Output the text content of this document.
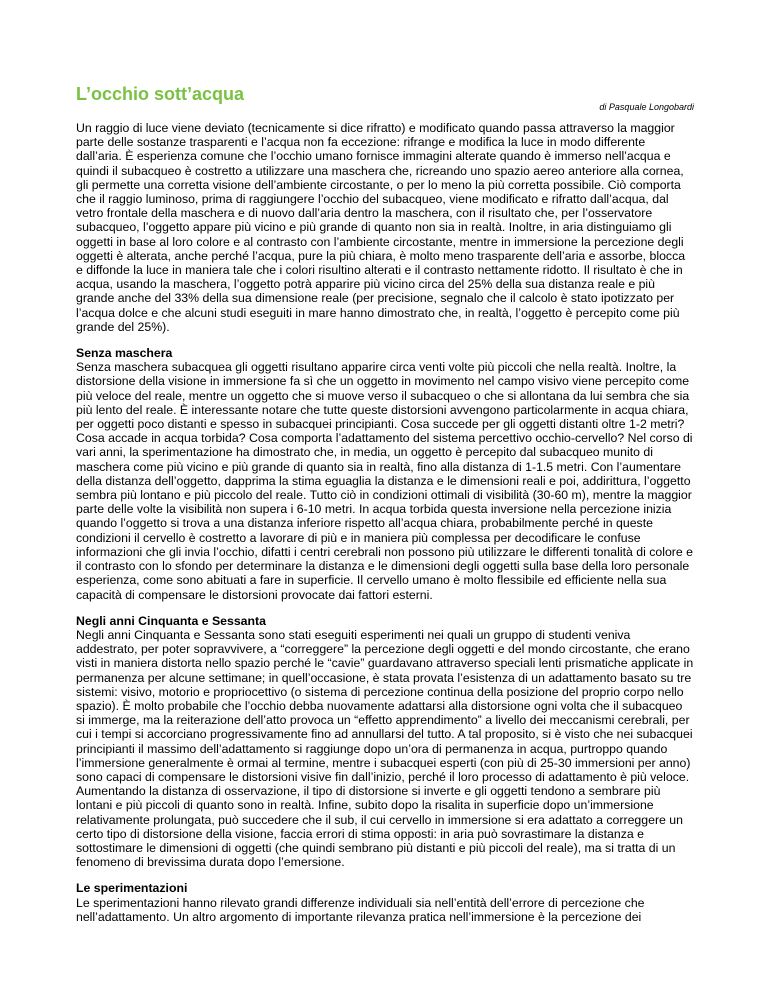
L’occhio sott’acqua
di Pasquale Longobardi

Un raggio di luce viene deviato (tecnicamente si dice rifratto) e modificato quando passa attraverso la maggior parte delle sostanze trasparenti e l’acqua non fa eccezione: rifrange e modifica la luce in modo differente dall’aria. È esperienza comune che l’occhio umano fornisce immagini alterate quando è immerso nell’acqua e quindi il subacqueo è costretto a utilizzare una maschera che, ricreando uno spazio aereo anteriore alla cornea, gli permette una corretta visione dell’ambiente circostante, o per lo meno la più corretta possibile. Ciò comporta che il raggio luminoso, prima di raggiungere l’occhio del subacqueo, viene modificato e rifratto dall’acqua, dal vetro frontale della maschera e di nuovo dall’aria dentro la maschera, con il risultato che, per l’osservatore subacqueo, l’oggetto appare più vicino e più grande di quanto non sia in realtà. Inoltre, in aria distinguiamo gli oggetti in base al loro colore e al contrasto con l’ambiente circostante, mentre in immersione la percezione degli oggetti è alterata, anche perché l’acqua, pure la più chiara, è molto meno trasparente dell’aria e assorbe, blocca e diffonde la luce in maniera tale che i colori risultino alterati e il contrasto nettamente ridotto. Il risultato è che in acqua, usando la maschera, l’oggetto potrà apparire più vicino circa del 25% della sua distanza reale e più grande anche del 33% della sua dimensione reale (per precisione, segnalo che il calcolo è stato ipotizzato per l’acqua dolce e che alcuni studi eseguiti in mare hanno dimostrato che, in realtà, l’oggetto è percepito come più grande del 25%).

Senza maschera

Senza maschera subacquea gli oggetti risultano apparire circa venti volte più piccoli che nella realtà. Inoltre, la distorsione della visione in immersione fa sì che un oggetto in movimento nel campo visivo viene percepito come più veloce del reale, mentre un oggetto che si muove verso il subacqueo o che si allontana da lui sembra che sia più lento del reale. È interessante notare che tutte queste distorsioni avvengono particolarmente in acqua chiara, per oggetti poco distanti e spesso in subacquei principianti. Cosa succede per gli oggetti distanti oltre 1-2 metri? Cosa accade in acqua torbida? Cosa comporta l’adattamento del sistema percettivo occhio-cervello? Nel corso di vari anni, la sperimentazione ha dimostrato che, in media, un oggetto è percepito dal subacqueo munito di maschera come più vicino e più grande di quanto sia in realtà, fino alla distanza di 1-1.5 metri. Con l’aumentare della distanza dell’oggetto, dapprima la stima eguaglia la distanza e le dimensioni reali e poi, addirittura, l’oggetto sembra più lontano e più piccolo del reale. Tutto ciò in condizioni ottimali di visibilità (30-60 m), mentre la maggior parte delle volte la visibilità non supera i 6-10 metri. In acqua torbida questa inversione nella percezione inizia quando l’oggetto si trova a una distanza inferiore rispetto all’acqua chiara, probabilmente perché in queste condizioni il cervello è costretto a lavorare di più e in maniera più complessa per decodificare le confuse informazioni che gli invia l’occhio, difatti i centri cerebrali non possono più utilizzare le differenti tonalità di colore e il contrasto con lo sfondo per determinare la distanza e le dimensioni degli oggetti sulla base della loro personale esperienza, come sono abituati a fare in superficie. Il cervello umano è molto flessibile ed efficiente nella sua capacità di compensare le distorsioni provocate dai fattori esterni.

Negli anni Cinquanta e Sessanta

Negli anni Cinquanta e Sessanta sono stati eseguiti esperimenti nei quali un gruppo di studenti veniva addestrato, per poter sopravvivere, a “correggere” la percezione degli oggetti e del mondo circostante, che erano visti in maniera distorta nello spazio perché le “cavie” guardavano attraverso speciali lenti prismatiche applicate in permanenza per alcune settimane; in quell’occasione, è stata provata l’esistenza di un adattamento basato su tre sistemi: visivo, motorio e propriocettivo (o sistema di percezione continua della posizione del proprio corpo nello spazio). È molto probabile che l’occhio debba nuovamente adattarsi alla distorsione ogni volta che il subacqueo si immerge, ma la reiterazione dell’atto provoca un “effetto apprendimento” a livello dei meccanismi cerebrali, per cui i tempi si accorciano progressivamente fino ad annullarsi del tutto. A tal proposito, si è visto che nei subacquei principianti il massimo dell’adattamento si raggiunge dopo un’ora di permanenza in acqua, purtroppo quando l’immersione generalmente è ormai al termine, mentre i subacquei esperti (con più di 25-30 immersioni per anno) sono capaci di compensare le distorsioni visive fin dall’inizio, perché il loro processo di adattamento è più veloce. Aumentando la distanza di osservazione, il tipo di distorsione si inverte e gli oggetti tendono a sembrare più lontani e più piccoli di quanto sono in realtà. Infine, subito dopo la risalita in superficie dopo un’immersione relativamente prolungata, può succedere che il sub, il cui cervello in immersione si era adattato a correggere un certo tipo di distorsione della visione, faccia errori di stima opposti: in aria può sovrastimare la distanza e sottostimare le dimensioni di oggetti (che quindi sembrano più distanti e più piccoli del reale), ma si tratta di un fenomeno di brevissima durata dopo l’emersione.

Le sperimentazioni

Le sperimentazioni hanno rilevato grandi differenze individuali sia nell’entità dell’errore di percezione che nell’adattamento. Un altro argomento di importante rilevanza pratica nell’immersione è la percezione dei
